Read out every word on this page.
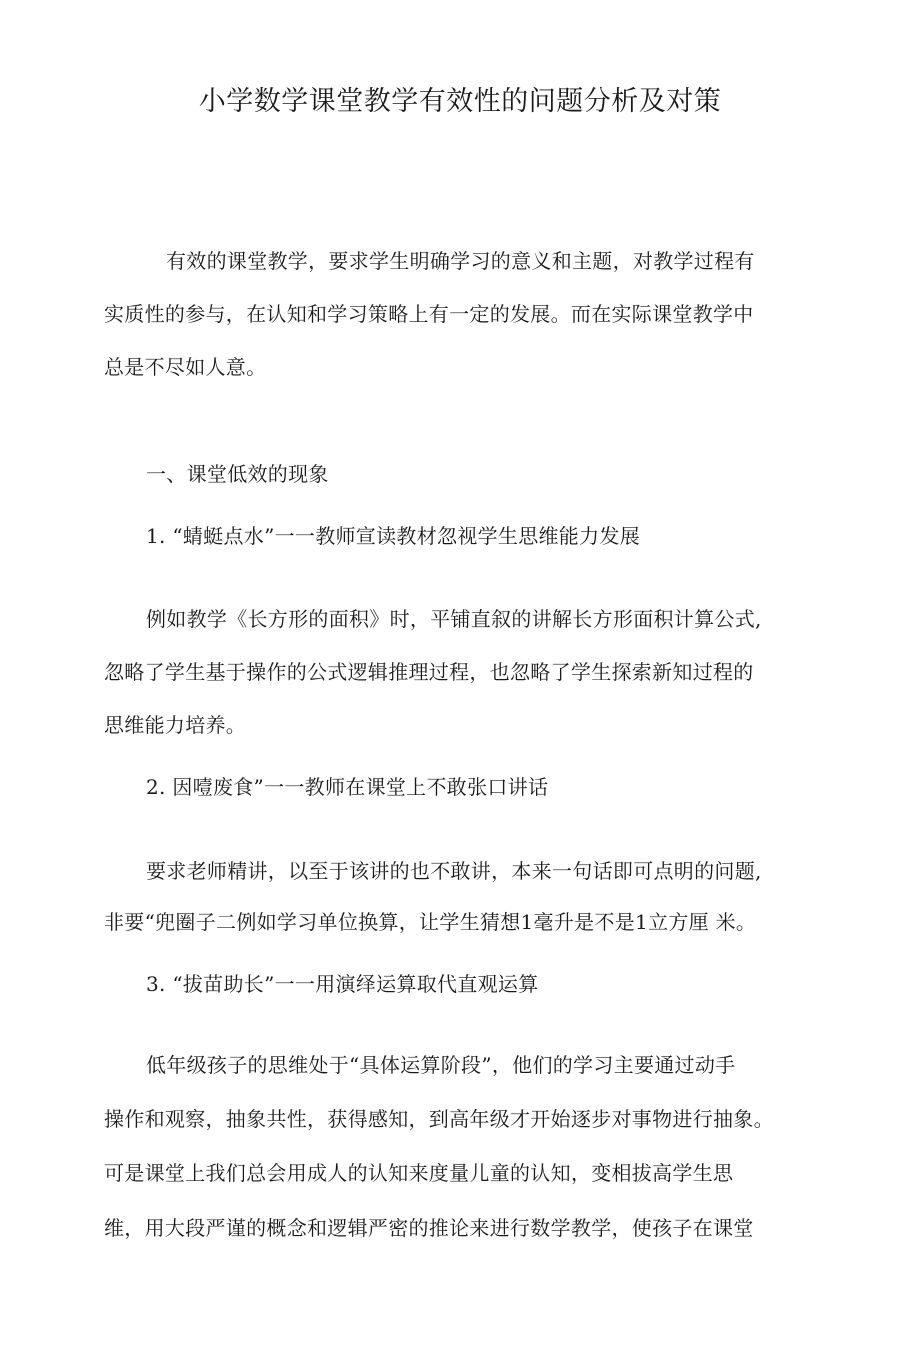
小学数学课堂教学有效性的问题分析及对策
有效的课堂教学，要求学生明确学习的意义和主题，对教学过程有
实质性的参与，在认知和学习策略上有一定的发展。而在实际课堂教学中
总是不尽如人意。
一、课堂低效的现象
1. “蜻蜓点水”一一教师宣读教材忽视学生思维能力发展
例如教学《长方形的面积》时，平铺直叙的讲解长方形面积计算公式,
忽略了学生基于操作的公式逻辑推理过程，也忽略了学生探索新知过程的
思维能力培养。
2. 因噎废食”一一教师在课堂上不敢张口讲话
要求老师精讲，以至于该讲的也不敢讲，本来一句话即可点明的问题,
非要“兜圈子二例如学习单位换算，让学生猜想1毫升是不是1立方厘 米。
3. “拔苗助长”一一用演绎运算取代直观运算
低年级孩子的思维处于“具体运算阶段”，他们的学习主要通过动手
操作和观察，抽象共性，获得感知，到高年级才开始逐步对事物进行抽象。
可是课堂上我们总会用成人的认知来度量儿童的认知，变相拔高学生思
维，用大段严谨的概念和逻辑严密的推论来进行数学教学，使孩子在课堂
